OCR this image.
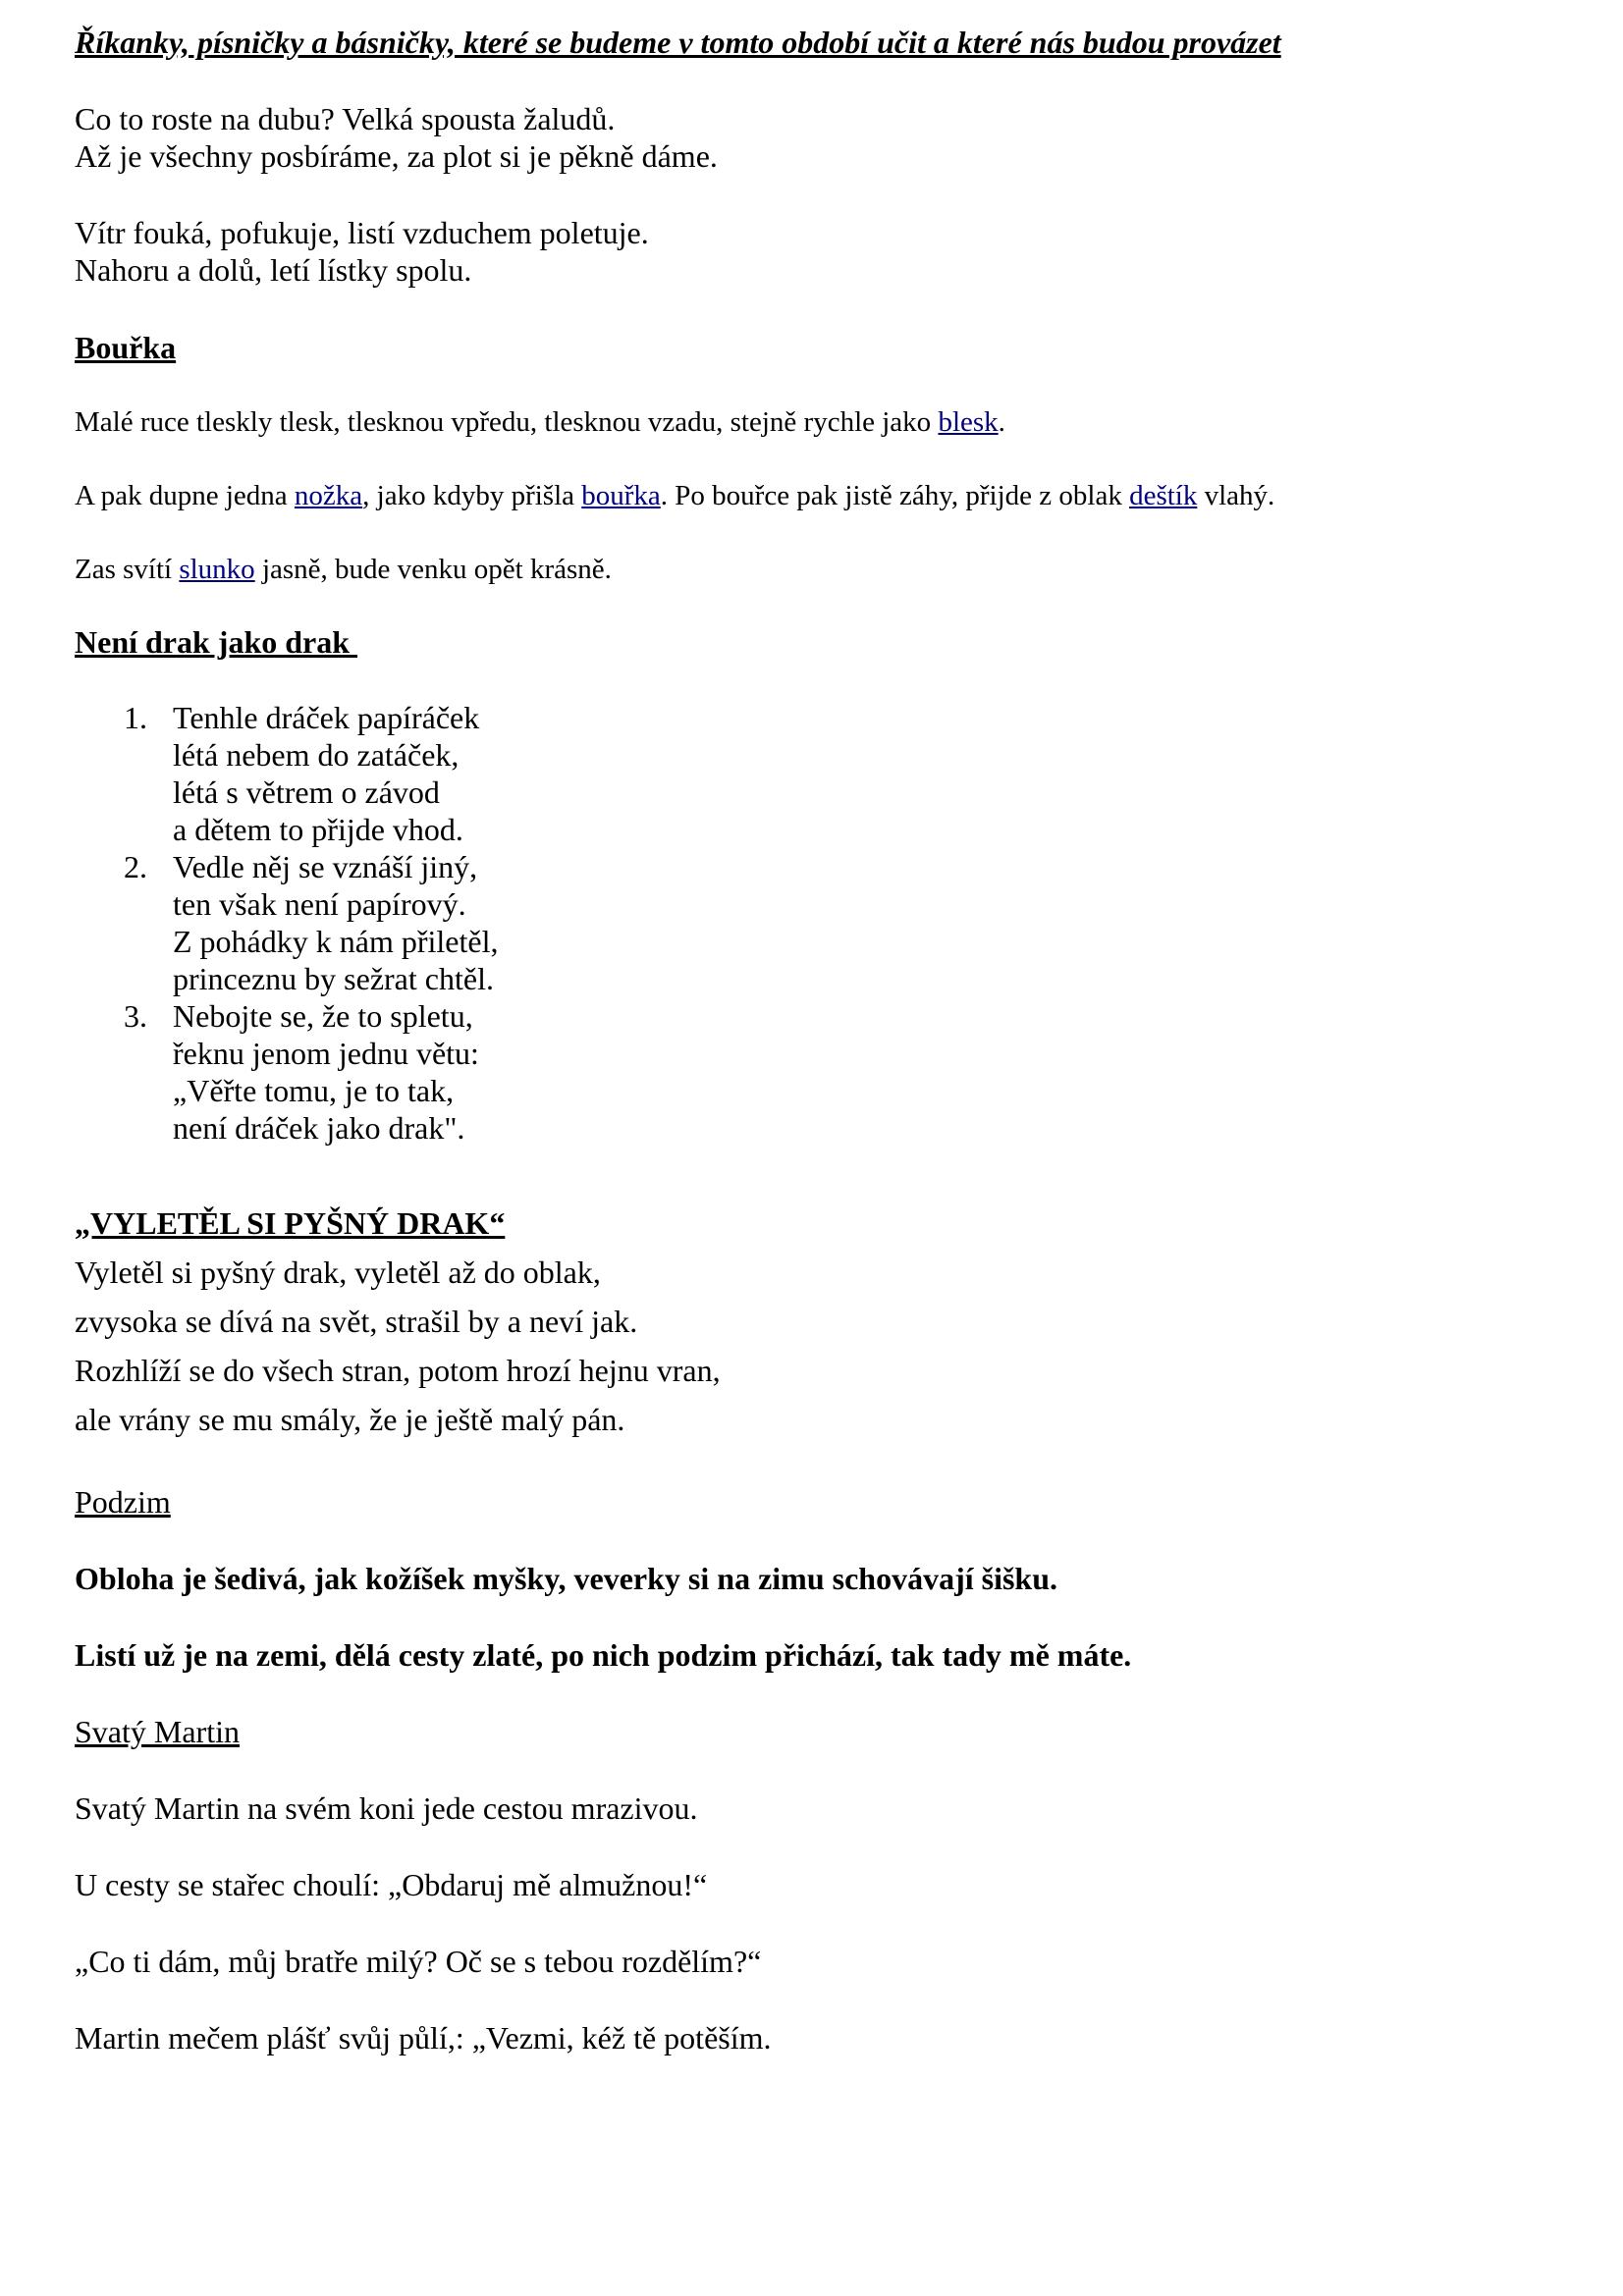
Říkanky, písničky a básničky, které se budeme v tomto období učit a které nás budou provázet

Co to roste na dubu? Velká spousta žaludů.
Až je všechny posbíráme, za plot si je pěkně dáme.
Vítr fouká, pofukuje, listí vzduchem poletuje.
Nahoru a dolů, letí lístky spolu.

Bouřka

Malé ruce tleskly tlesk, tlesknou vpředu, tlesknou vzadu, stejně rychle jako blesk.

A pak dupne jedna nožka, jako kdyby přišla bouřka. Po bouřce pak jistě záhy, přijde z oblak deštík vlahý.

Zas svítí slunko jasně, bude venku opět krásně.

Není drak jako drak

1. Tenhle dráček papíráček
létá nebem do zatáček,
létá s větrem o závod
a dětem to přijde vhod.
2. Vedle něj se vznáší jiný,
ten však není papírový.
Z pohádky k nám přiletěl,
princeznu by sežrat chtěl.
3. Nebojte se, že to spletu,
řeknu jenom jednu větu:
„Věřte tomu, je to tak,
není dráček jako drak".

„VYLETĚL SI PYŠNÝ DRAK“

Vyletěl si pyšný drak, vyletěl až do oblak,
zvysoka se dívá na svět, strašil by a neví jak.
Rozhlíží se do všech stran, potom hrozí hejnu vran,
ale vrány se mu smály, že je ještě malý pán.

Podzim

Obloha je šedivá, jak kožíšek myšky, veverky si na zimu schovávají šišku.

Listí už je na zemi, dělá cesty zlaté, po nich podzim přichází, tak tady mě máte.

Svatý Martin

Svatý Martin na svém koni jede cestou mrazivou.

U cesty se stařec choulí: „Obdaruj mě almužnou!“

„Co ti dám, můj bratře milý? Oč se s tebou rozdělím?“

Martin mečem plášť svůj půlí,: „Vezmi, kéž tě potěším.
